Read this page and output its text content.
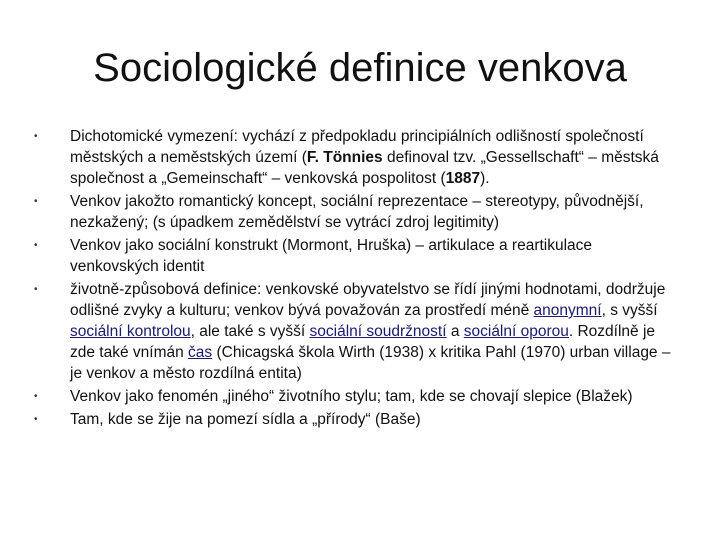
Sociologické definice venkova
•	Dichotomické vymezení: vychází z předpokladu principiálních odlišností společností městských a neměstských území (F. Tönnies definoval tzv. „Gessellschaft“ – městská společnost a „Gemeinschaft“ – venkovská pospolitost (1887).
•	Venkov jakožto romantický koncept, sociální reprezentace – stereotypy, původnější, nezkažený; (s úpadkem zemědělství se vytrácí zdroj legitimity)
•	Venkov jako sociální konstrukt (Mormont, Hruška) – artikulace a reartikulace venkovských identit
•	životně-způsobová definice: venkovské obyvatelstvo se řídí jinými hodnotami, dodržuje odlišné zvyky a kulturu; venkov bývá považován za prostředí méně anonymní, s vyšší sociální kontrolou, ale také s vyšší sociální soudržností a sociální oporou. Rozdílně je zde také vnímán čas (Chicagská škola Wirth (1938) x kritika Pahl (1970) urban village – je venkov a město rozdílná entita)
•	Venkov jako fenomén „jiného“ životního stylu; tam, kde se chovají slepice (Blažek)
•	Tam, kde se žije na pomezí sídla a „přírody“ (Baše)
